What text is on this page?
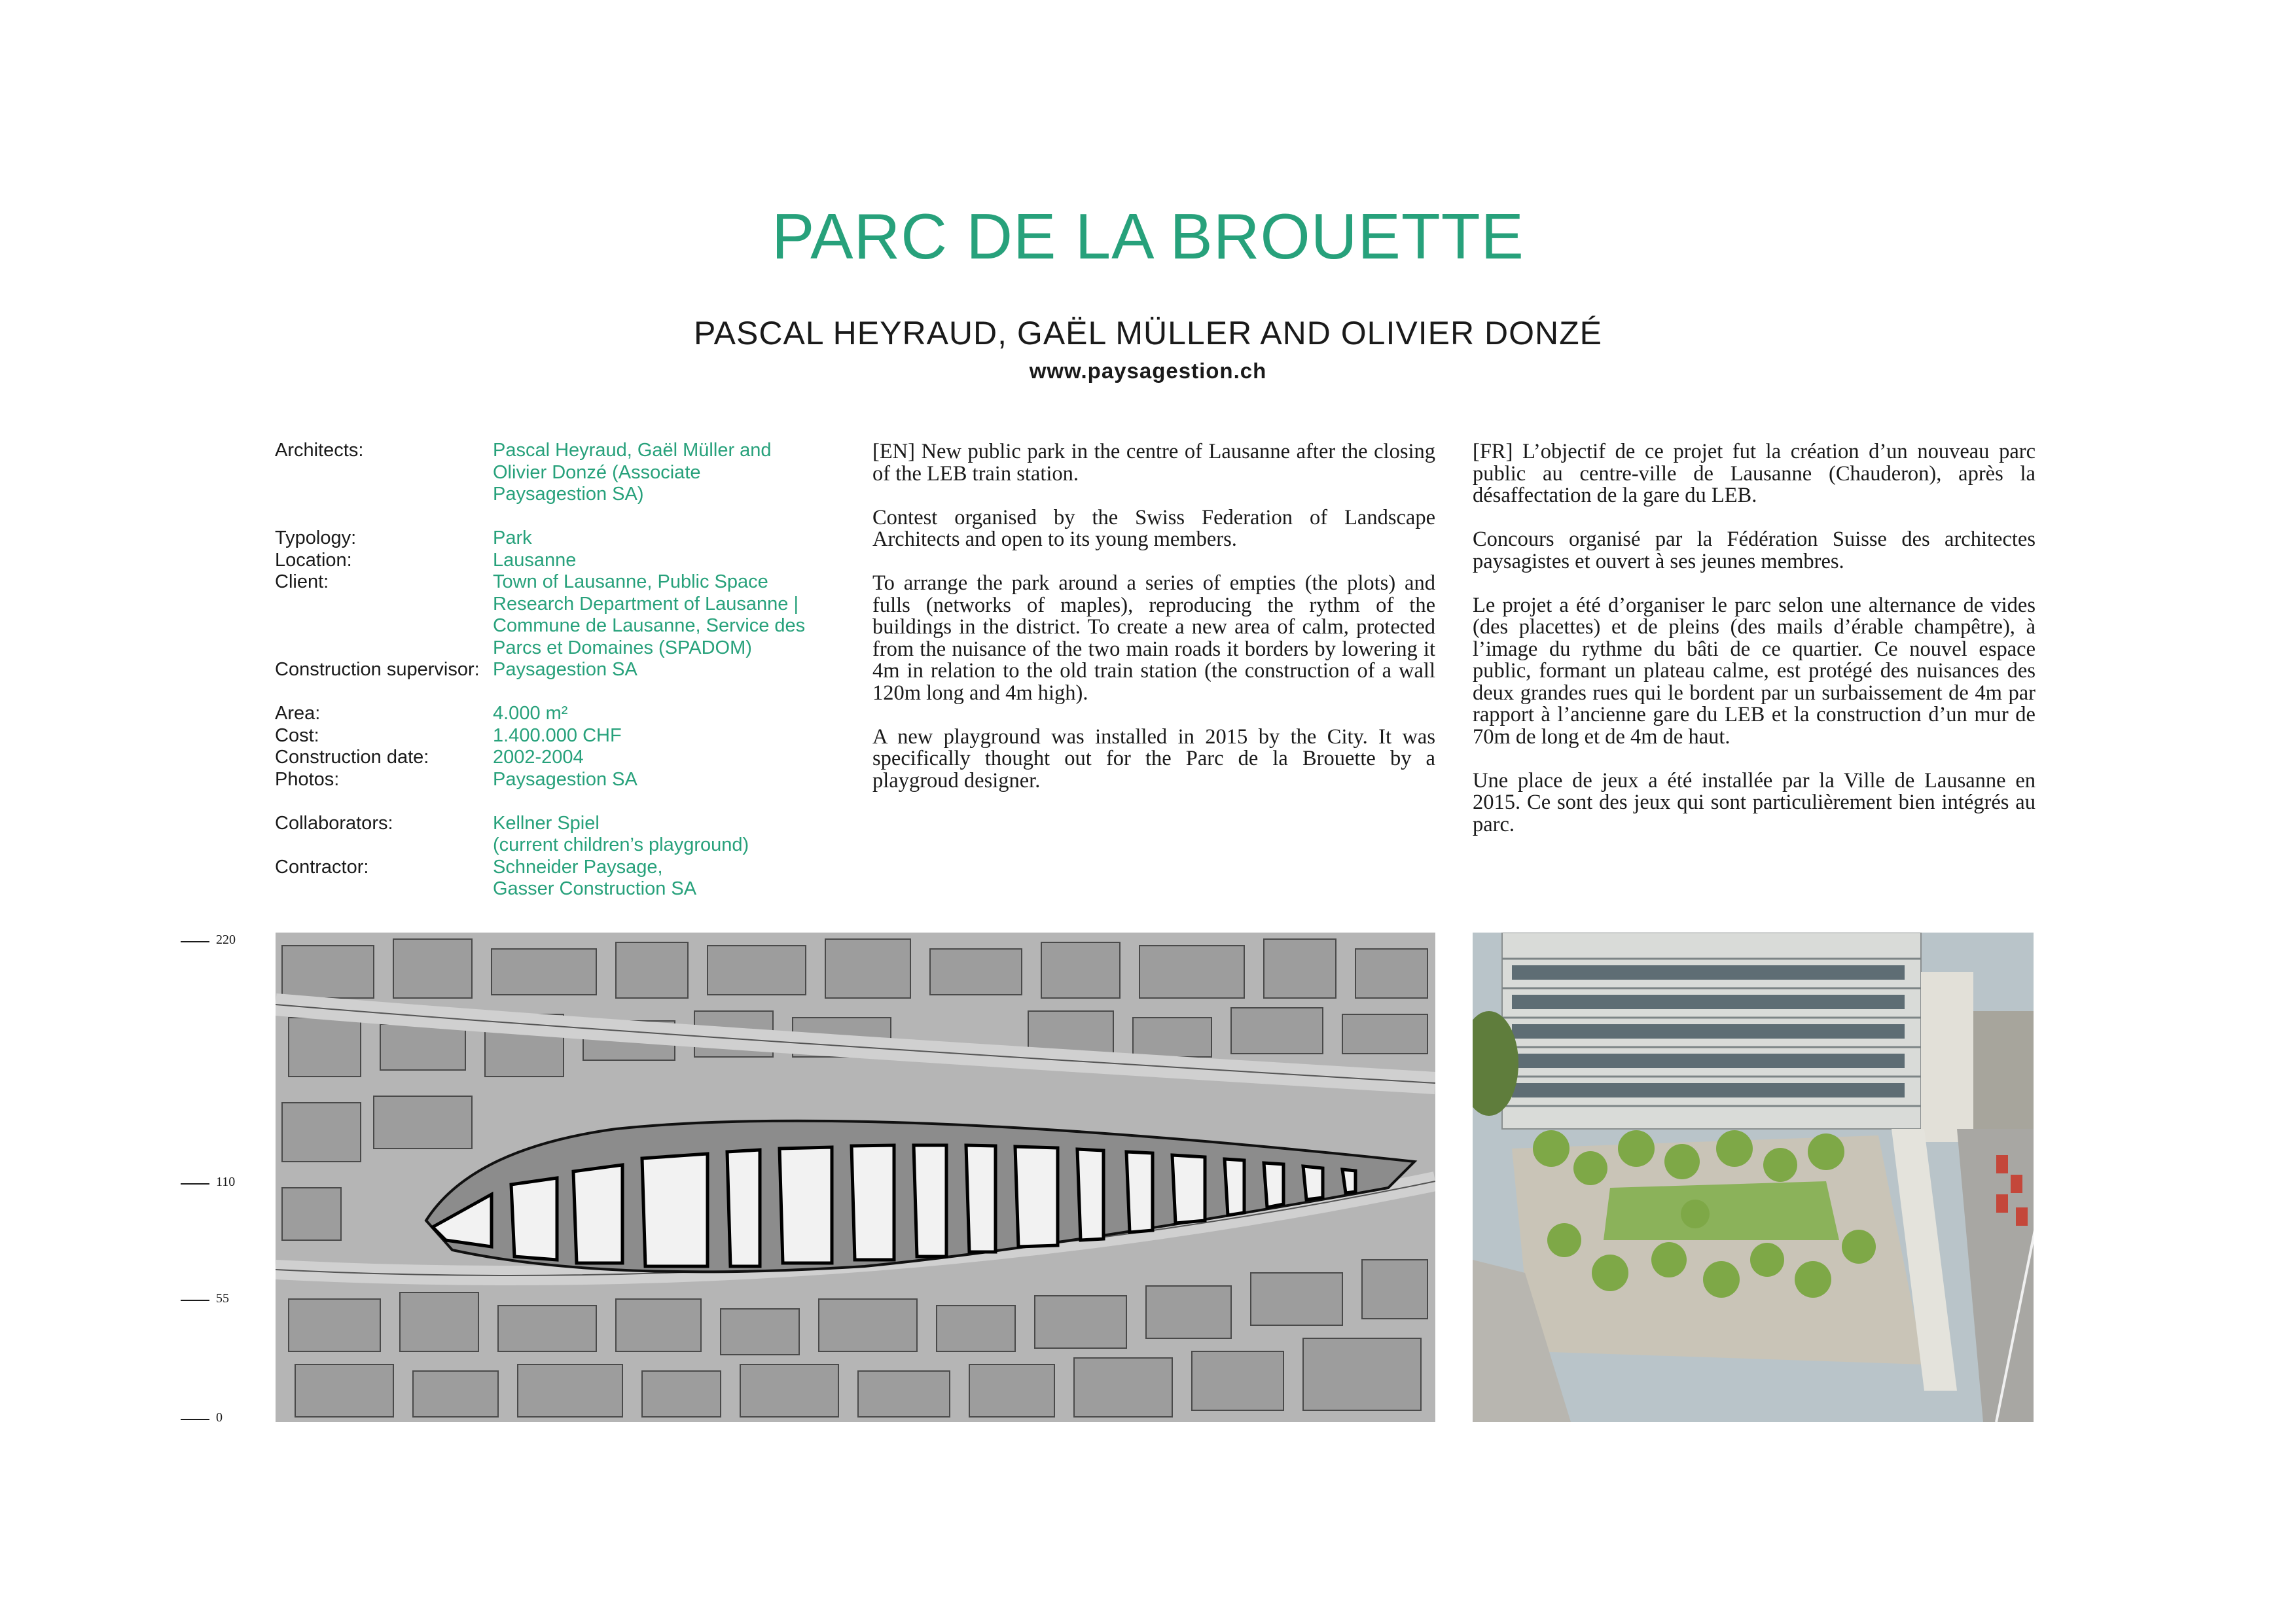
PARC DE LA BROUETTE
PASCAL HEYRAUD, GAËL MÜLLER AND OLIVIER DONZÉ
www.paysagestion.ch
Architects:	Pascal Heyraud, Gaël Müller and
Olivier Donzé (Associate
Paysagestion SA)
Typology:	Park
Location:	Lausanne
Client:	Town of Lausanne, Public Space
Research Department of Lausanne |
Commune de Lausanne, Service des
Parcs et Domaines (SPADOM)
Construction supervisor: Paysagestion SA
Area:	4.000 m²
Cost:	1.400.000 CHF
Construction date:	2002-2004
Photos:	Paysagestion SA
Collaborators:	Kellner Spiel
(current children’s playground)
Contractor:	Schneider Paysage,
Gasser Construction SA

[EN] New public park in the centre of Lausanne after the closing of the LEB train station.

Contest organised by the Swiss Federation of Landscape Architects and open to its young members.

To arrange the park around a series of empties (the plots) and fulls (networks of maples), reproducing the rythm of the buildings in the district. To create a new area of calm, protected from the nuisance of the two main roads it borders by lowering it 4m in relation to the old train station (the construction of a wall 120m long and 4m high).

A new playground was installed in 2015 by the City. It was specifically thought out for the Parc de la Brouette by a playgroud designer.

[FR] L’objectif de ce projet fut la création d’un nouveau parc public au centre-ville de Lausanne (Chauderon), après la désaffectation de la gare du LEB.

Concours organisé par la Fédération Suisse des architectes paysagistes et ouvert à ses jeunes membres.

Le projet a été d’organiser le parc selon une alternance de vides (des placettes) et de pleins (des mails d’érable champêtre), à l’image du rythme du bâti de ce quartier. Ce nouvel espace public, formant un plateau calme, est protégé des nuisances des deux grandes rues qui le bordent par un surbaissement de 4m par rapport à l’ancienne gare du LEB et la construction d’un mur de 70m de long et de 4m de haut.

Une place de jeux a été installée par la Ville de Lausanne en 2015. Ce sont des jeux qui sont particulièrement bien intégrés au parc.

220
110
55
0
